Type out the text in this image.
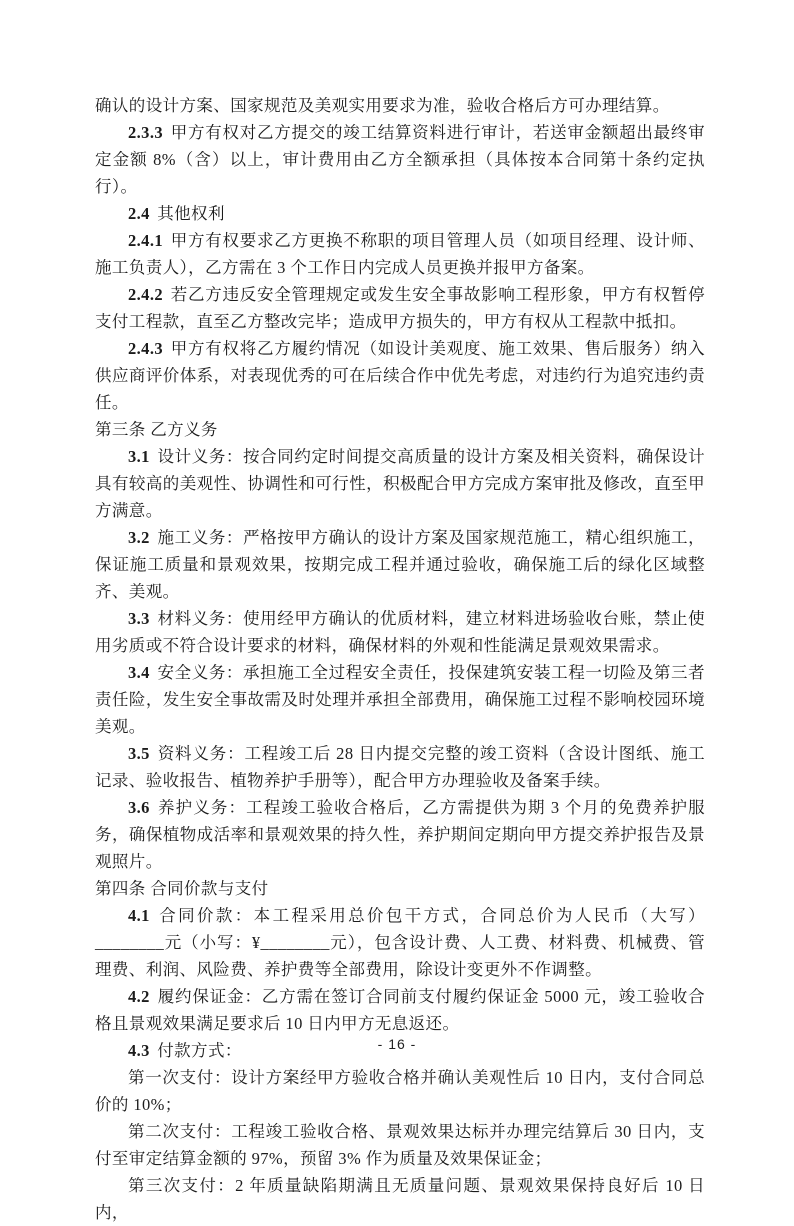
确认的设计方案、国家规范及美观实用要求为准，验收合格后方可办理结算。

2.3.3 甲方有权对乙方提交的竣工结算资料进行审计，若送审金额超出最终审定金额 8%（含）以上，审计费用由乙方全额承担（具体按本合同第十条约定执行）。

2.4 其他权利

2.4.1 甲方有权要求乙方更换不称职的项目管理人员（如项目经理、设计师、施工负责人），乙方需在 3 个工作日内完成人员更换并报甲方备案。

2.4.2 若乙方违反安全管理规定或发生安全事故影响工程形象，甲方有权暂停支付工程款，直至乙方整改完毕；造成甲方损失的，甲方有权从工程款中抵扣。

2.4.3 甲方有权将乙方履约情况（如设计美观度、施工效果、售后服务）纳入供应商评价体系，对表现优秀的可在后续合作中优先考虑，对违约行为追究违约责任。

第三条 乙方义务

3.1 设计义务：按合同约定时间提交高质量的设计方案及相关资料，确保设计具有较高的美观性、协调性和可行性，积极配合甲方完成方案审批及修改，直至甲方满意。

3.2 施工义务：严格按甲方确认的设计方案及国家规范施工，精心组织施工，保证施工质量和景观效果，按期完成工程并通过验收，确保施工后的绿化区域整齐、美观。

3.3 材料义务：使用经甲方确认的优质材料，建立材料进场验收台账，禁止使用劣质或不符合设计要求的材料，确保材料的外观和性能满足景观效果需求。

3.4 安全义务：承担施工全过程安全责任，投保建筑安装工程一切险及第三者责任险，发生安全事故需及时处理并承担全部费用，确保施工过程不影响校园环境美观。

3.5 资料义务：工程竣工后 28 日内提交完整的竣工资料（含设计图纸、施工记录、验收报告、植物养护手册等），配合甲方办理验收及备案手续。

3.6 养护义务：工程竣工验收合格后，乙方需提供为期 3 个月的免费养护服务，确保植物成活率和景观效果的持久性，养护期间定期向甲方提交养护报告及景观照片。

第四条 合同价款与支付

4.1 合同价款：本工程采用总价包干方式，合同总价为人民币（大写）________元（小写：¥________元），包含设计费、人工费、材料费、机械费、管理费、利润、风险费、养护费等全部费用，除设计变更外不作调整。

4.2 履约保证金：乙方需在签订合同前支付履约保证金 5000 元，竣工验收合格且景观效果满足要求后 10 日内甲方无息返还。

4.3 付款方式：

第一次支付：设计方案经甲方验收合格并确认美观性后 10 日内，支付合同总价的 10%；

第二次支付：工程竣工验收合格、景观效果达标并办理完结算后 30 日内，支付至审定结算金额的 97%，预留 3% 作为质量及效果保证金；

第三次支付：2 年质量缺陷期满且无质量问题、景观效果保持良好后 10 日内，

- 16 -
